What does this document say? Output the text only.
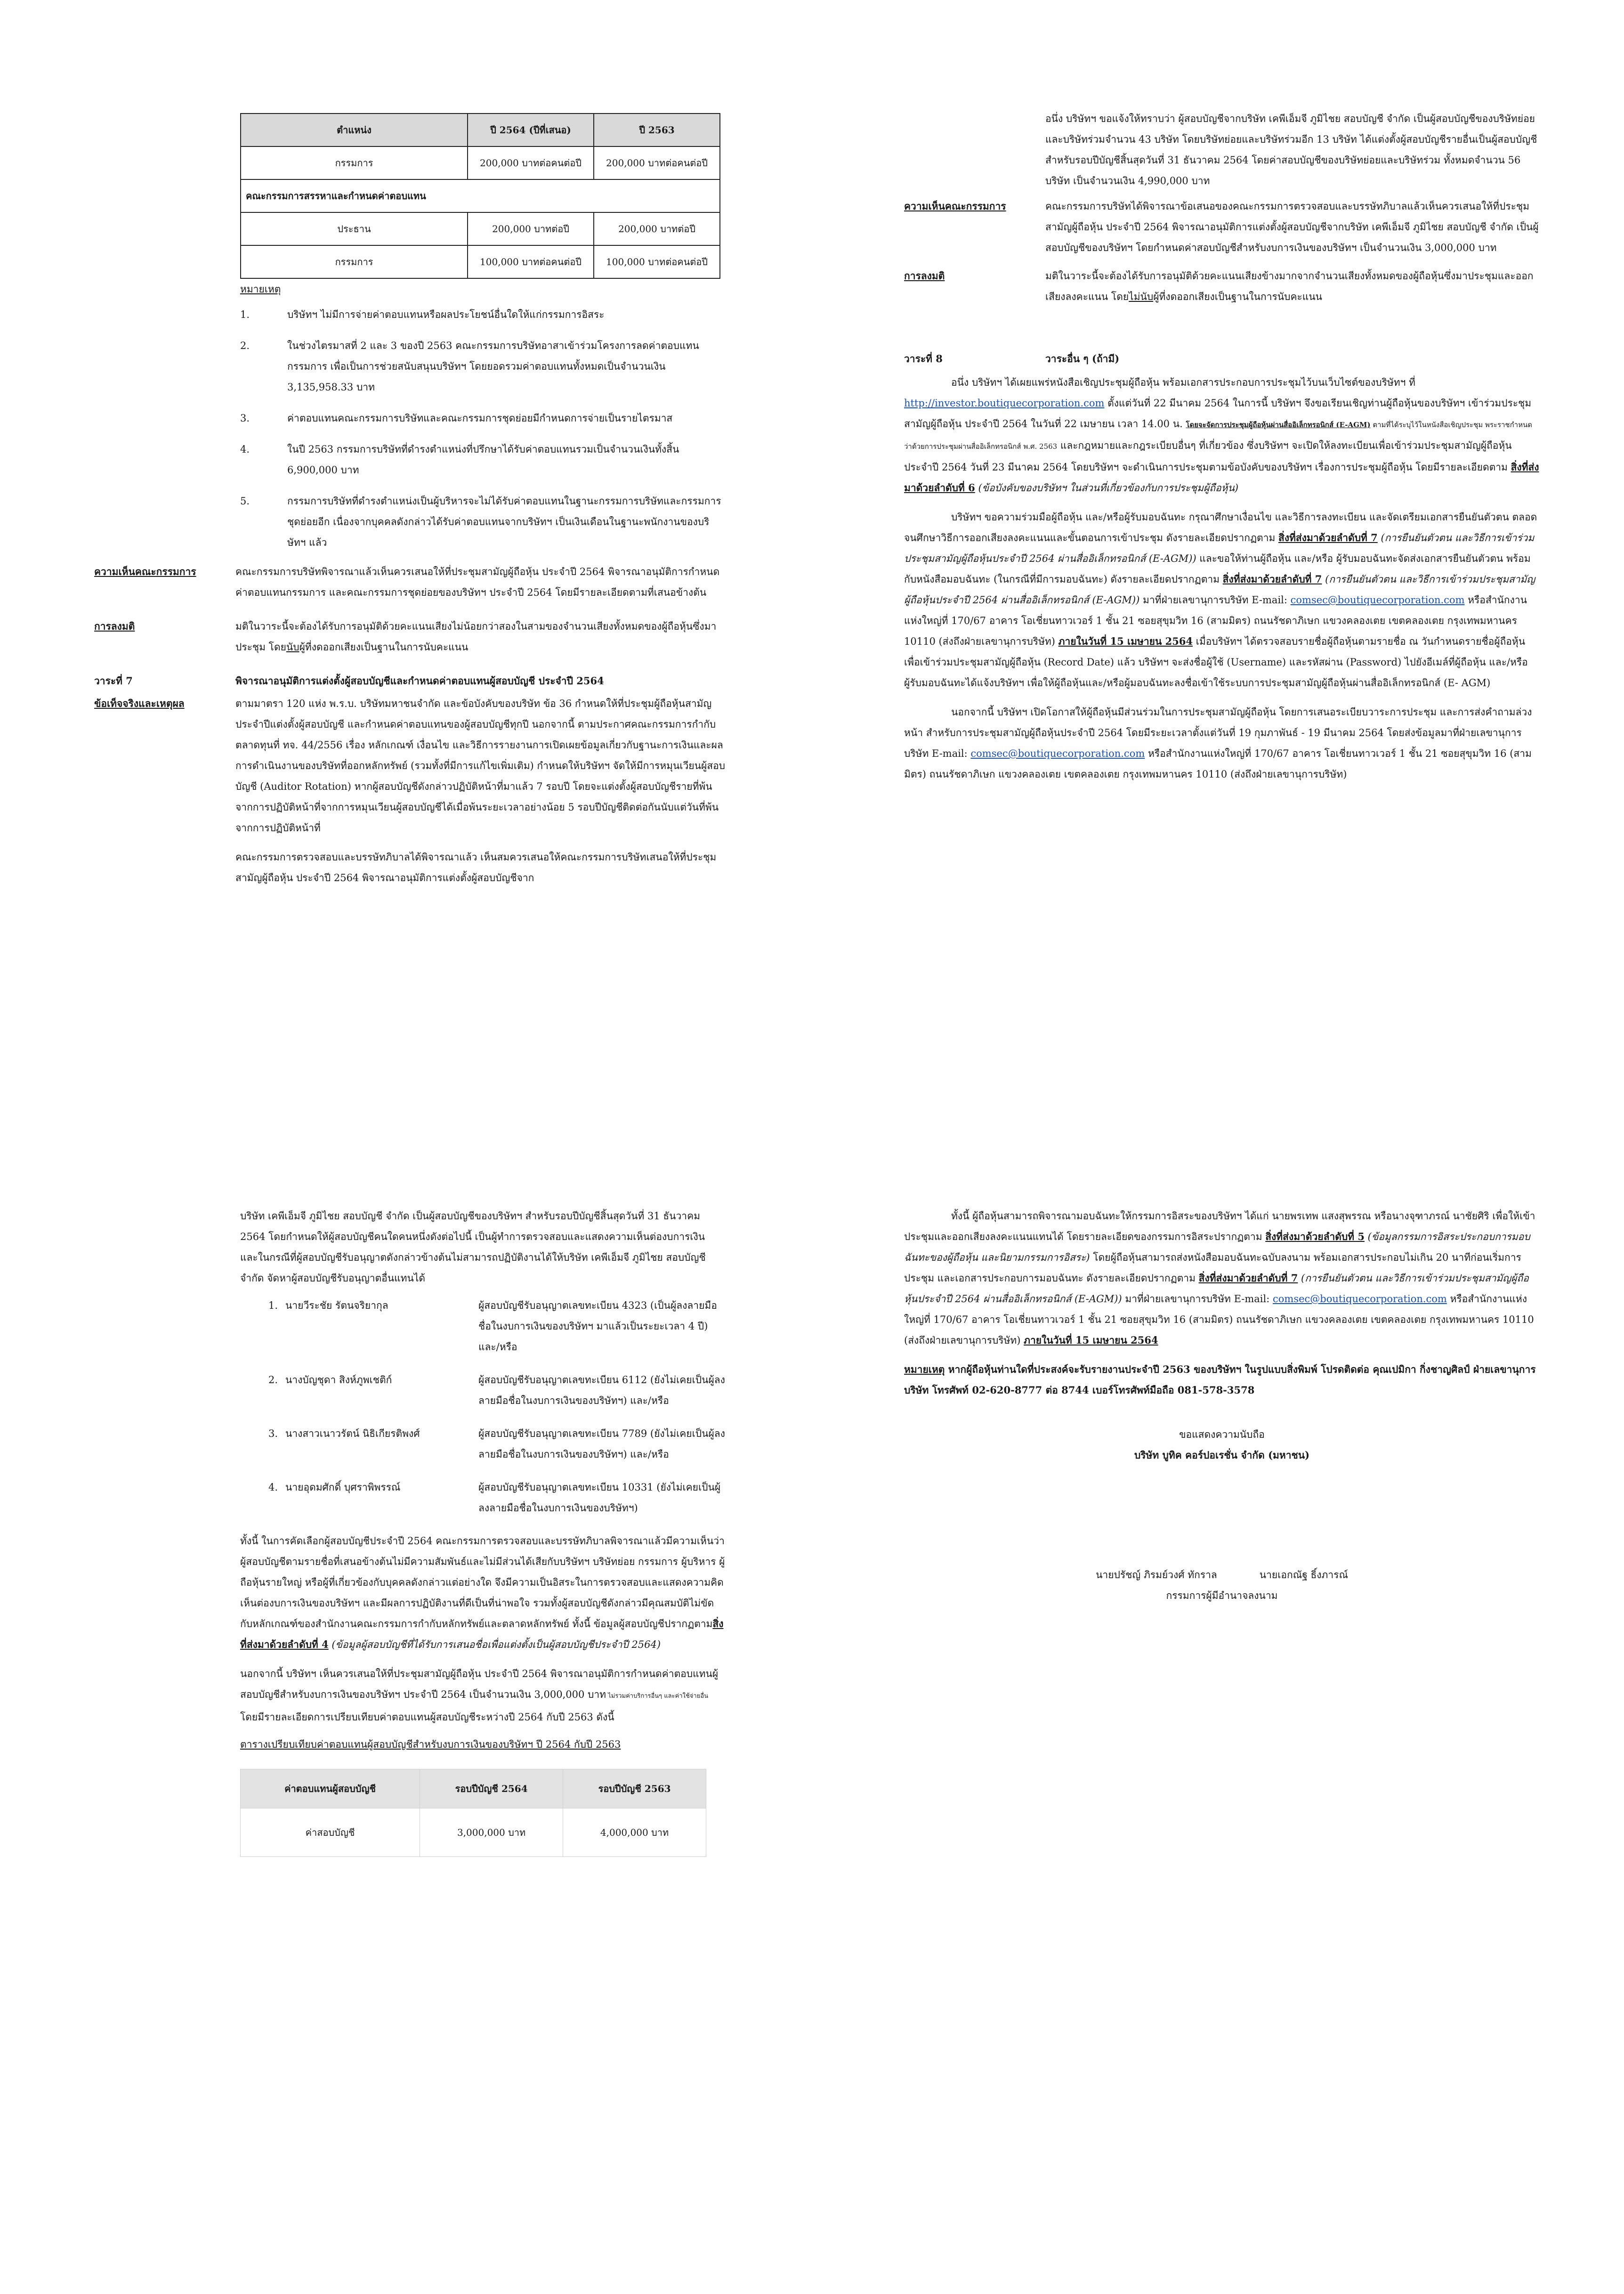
ตำแหน่ง	ปี 2564 (ปีที่เสนอ)	ปี 2563
กรรมการ	200,000 บาทต่อคนต่อปี	200,000 บาทต่อคนต่อปี
คณะกรรมการสรรหาและกำหนดค่าตอบแทน		
ประธาน	200,000 บาทต่อปี	200,000 บาทต่อปี
กรรมการ	100,000 บาทต่อคนต่อปี	100,000 บาทต่อคนต่อปี

หมายเหตุ

1.	บริษัทฯ ไม่มีการจ่ายค่าตอบแทนหรือผลประโยชน์อื่นใดให้แก่กรรมการอิสระ
2.	ในช่วงไตรมาสที่ 2 และ 3 ของปี 2563 คณะกรรมการบริษัทอาสาเข้าร่วมโครงการลดค่าตอบแทนกรรมการ เพื่อเป็นการช่วยสนับสนุนบริษัทฯ โดยยอดรวมค่าตอบแทนทั้งหมดเป็นจำนวนเงิน 3,135,958.33 บาท
3.	ค่าตอบแทนคณะกรรมการบริษัทและคณะกรรมการชุดย่อยมีกำหนดการจ่ายเป็นรายไตรมาส
4.	ในปี 2563 กรรมการบริษัทที่ดำรงตำแหน่งที่ปรึกษาได้รับค่าตอบแทนรวมเป็นจำนวนเงินทั้งสิ้น 6,900,000 บาท
5.	กรรมการบริษัทที่ดำรงตำแหน่งเป็นผู้บริหารจะไม่ได้รับค่าตอบแทนในฐานะกรรมการบริษัทและกรรมการชุดย่อยอีก เนื่องจากบุคคลดังกล่าวได้รับค่าตอบแทนจากบริษัทฯ เป็นเงินเดือนในฐานะพนักงานของบริษัทฯ แล้ว
ความเห็นคณะกรรมการ	คณะกรรมการบริษัทพิจารณาแล้วเห็นควรเสนอให้ที่ประชุมสามัญผู้ถือหุ้น ประจำปี 2564 พิจารณาอนุมัติการกำหนดค่าตอบแทนกรรมการ และคณะกรรมการชุดย่อยของบริษัทฯ ประจำปี 2564 โดยมีรายละเอียดตามที่เสนอข้างต้น

การลงมติ	มติในวาระนี้จะต้องได้รับการอนุมัติด้วยคะแนนเสียงไม่น้อยกว่าสองในสามของจำนวนเสียงทั้งหมดของผู้ถือหุ้นซึ่งมาประชุม โดยนับผู้ที่งดออกเสียงเป็นฐานในการนับคะแนน

วาระที่ 7	พิจารณาอนุมัติการแต่งตั้งผู้สอบบัญชีและกำหนดค่าตอบแทนผู้สอบบัญชี ประจำปี 2564

ข้อเท็จจริงและเหตุผล	ตามมาตรา 120 แห่ง พ.ร.บ. บริษัทมหาชนจำกัด และข้อบังคับของบริษัท ข้อ 36 กำหนดให้ที่ประชุมผู้ถือหุ้นสามัญประจำปีแต่งตั้งผู้สอบบัญชี และกำหนดค่าตอบแทนของผู้สอบบัญชีทุกปี นอกจากนี้ ตามประกาศคณะกรรมการกำกับตลาดทุนที่ ทจ. 44/2556 เรื่อง หลักเกณฑ์ เงื่อนไข และวิธีการรายงานการเปิดเผยข้อมูลเกี่ยวกับฐานะการเงินและผลการดำเนินงานของบริษัทที่ออกหลักทรัพย์ (รวมทั้งที่มีการแก้ไขเพิ่มเติม) กำหนดให้บริษัทฯ จัดให้มีการหมุนเวียนผู้สอบบัญชี (Auditor Rotation) หากผู้สอบบัญชีดังกล่าวปฏิบัติหน้าที่มาแล้ว 7 รอบปี โดยจะแต่งตั้งผู้สอบบัญชีรายที่พ้นจากการปฏิบัติหน้าที่จากการหมุนเวียนผู้สอบบัญชีได้เมื่อพ้นระยะเวลาอย่างน้อย 5 รอบปีบัญชีติดต่อกันนับแต่วันที่พ้นจากการปฏิบัติหน้าที่

คณะกรรมการตรวจสอบและบรรษัทภิบาลได้พิจารณาแล้ว เห็นสมควรเสนอให้คณะกรรมการบริษัทเสนอให้ที่ประชุมสามัญผู้ถือหุ้น ประจำปี 2564 พิจารณาอนุมัติการแต่งตั้งผู้สอบบัญชีจาก

อนึ่ง บริษัทฯ ขอแจ้งให้ทราบว่า ผู้สอบบัญชีจากบริษัท เคพีเอ็มจี ภูมิไชย สอบบัญชี จำกัด เป็นผู้สอบบัญชีของบริษัทย่อยและบริษัทร่วมจำนวน 43 บริษัท โดยบริษัทย่อยและบริษัทร่วมอีก 13 บริษัท ได้แต่งตั้งผู้สอบบัญชีรายอื่นเป็นผู้สอบบัญชี สำหรับรอบปีบัญชีสิ้นสุดวันที่ 31 ธันวาคม 2564 โดยค่าสอบบัญชีของบริษัทย่อยและบริษัทร่วม ทั้งหมดจำนวน 56 บริษัท เป็นจำนวนเงิน 4,990,000 บาท

ความเห็นคณะกรรมการ	คณะกรรมการบริษัทได้พิจารณาข้อเสนอของคณะกรรมการตรวจสอบและบรรษัทภิบาลแล้วเห็นควรเสนอให้ที่ประชุมสามัญผู้ถือหุ้น ประจำปี 2564 พิจารณาอนุมัติการแต่งตั้งผู้สอบบัญชีจากบริษัท เคพีเอ็มจี ภูมิไชย สอบบัญชี จำกัด เป็นผู้สอบบัญชีของบริษัทฯ โดยกำหนดค่าสอบบัญชีสำหรับงบการเงินของบริษัทฯ เป็นจำนวนเงิน 3,000,000 บาท

การลงมติ	มติในวาระนี้จะต้องได้รับการอนุมัติด้วยคะแนนเสียงข้างมากจากจำนวนเสียงทั้งหมดของผู้ถือหุ้นซึ่งมาประชุมและออกเสียงลงคะแนน โดยไม่นับผู้ที่งดออกเสียงเป็นฐานในการนับคะแนน

วาระที่ 8	วาระอื่น ๆ (ถ้ามี)

อนึ่ง บริษัทฯ ได้เผยแพร่หนังสือเชิญประชุมผู้ถือหุ้น พร้อมเอกสารประกอบการประชุมไว้บนเว็บไซต์ของบริษัทฯ ที่ http://investor.boutiquecorporation.com ตั้งแต่วันที่ 22 มีนาคม 2564 ในการนี้ บริษัทฯ จึงขอเรียนเชิญท่านผู้ถือหุ้นของบริษัทฯ เข้าร่วมประชุมสามัญผู้ถือหุ้น ประจำปี 2564 ในวันที่ 22 เมษายน เวลา 14.00 น. โดยจะจัดการประชุมผู้ถือหุ้นผ่านสื่ออิเล็กทรอนิกส์ (E-AGM) ตามที่ได้ระบุไว้ในหนังสือเชิญประชุม พระราชกำหนดว่าด้วยการประชุมผ่านสื่ออิเล็กทรอนิกส์ พ.ศ. 2563 และกฎหมายและกฎระเบียบอื่นๆ ที่เกี่ยวข้อง ซึ่งบริษัทฯ จะเปิดให้ลงทะเบียนเพื่อเข้าร่วมประชุมสามัญผู้ถือหุ้น ประจำปี 2564 วันที่ 23 มีนาคม 2564 โดยบริษัทฯ จะดำเนินการประชุมตามข้อบังคับของบริษัทฯ เรื่องการประชุมผู้ถือหุ้น โดยมีรายละเอียดตาม สิ่งที่ส่งมาด้วยลำดับที่ 6 (ข้อบังคับของบริษัทฯ ในส่วนที่เกี่ยวข้องกับการประชุมผู้ถือหุ้น)

บริษัทฯ ขอความร่วมมือผู้ถือหุ้น และ/หรือผู้รับมอบฉันทะ กรุณาศึกษาเงื่อนไข และวิธีการลงทะเบียน และจัดเตรียมเอกสารยืนยันตัวตน ตลอดจนศึกษาวิธีการออกเสียงลงคะแนนและขั้นตอนการเข้าประชุม ดังรายละเอียดปรากฏตาม สิ่งที่ส่งมาด้วยลำดับที่ 7 (การยืนยันตัวตน และวิธีการเข้าร่วมประชุมสามัญผู้ถือหุ้นประจำปี 2564 ผ่านสื่ออิเล็กทรอนิกส์ (E-AGM)) และขอให้ท่านผู้ถือหุ้น และ/หรือ ผู้รับมอบฉันทะจัดส่งเอกสารยืนยันตัวตน พร้อมกับหนังสือมอบฉันทะ (ในกรณีที่มีการมอบฉันทะ) ดังรายละเอียดปรากฏตาม สิ่งที่ส่งมาด้วยลำดับที่ 7 (การยืนยันตัวตน และวิธีการเข้าร่วมประชุมสามัญผู้ถือหุ้นประจำปี 2564 ผ่านสื่ออิเล็กทรอนิกส์ (E-AGM)) มาที่ฝ่ายเลขานุการบริษัท E-mail: comsec@boutiquecorporation.com หรือสำนักงานแห่งใหญ่ที่ 170/67 อาคาร โอเชี่ยนทาวเวอร์ 1 ชั้น 21 ซอยสุขุมวิท 16 (สามมิตร) ถนนรัชดาภิเษก แขวงคลองเตย เขตคลองเตย กรุงเทพมหานคร 10110 (ส่งถึงฝ่ายเลขานุการบริษัท) ภายในวันที่ 15 เมษายน 2564 เมื่อบริษัทฯ ได้ตรวจสอบรายชื่อผู้ถือหุ้นตามรายชื่อ ณ วันกำหนดรายชื่อผู้ถือหุ้นเพื่อเข้าร่วมประชุมสามัญผู้ถือหุ้น (Record Date) แล้ว บริษัทฯ จะส่งชื่อผู้ใช้ (Username) และรหัสผ่าน (Password) ไปยังอีเมล์ที่ผู้ถือหุ้น และ/หรือ ผู้รับมอบฉันทะได้แจ้งบริษัทฯ เพื่อให้ผู้ถือหุ้นและ/หรือผู้มอบฉันทะลงชื่อเข้าใช้ระบบการประชุมสามัญผู้ถือหุ้นผ่านสื่ออิเล็กทรอนิกส์ (E- AGM)

นอกจากนี้ บริษัทฯ เปิดโอกาสให้ผู้ถือหุ้นมีส่วนร่วมในการประชุมสามัญผู้ถือหุ้น โดยการเสนอระเบียบวาระการประชุม และการส่งคำถามล่วงหน้า สำหรับการประชุมสามัญผู้ถือหุ้นประจำปี 2564 โดยมีระยะเวลาตั้งแต่วันที่ 19 กุมภาพันธ์ - 19 มีนาคม 2564 โดยส่งข้อมูลมาที่ฝ่ายเลขานุการบริษัท E-mail: comsec@boutiquecorporation.com หรือสำนักงานแห่งใหญ่ที่ 170/67 อาคาร โอเชี่ยนทาวเวอร์ 1 ชั้น 21 ซอยสุขุมวิท 16 (สามมิตร) ถนนรัชดาภิเษก แขวงคลองเตย เขตคลองเตย กรุงเทพมหานคร 10110 (ส่งถึงฝ่ายเลขานุการบริษัท)

บริษัท เคพีเอ็มจี ภูมิไชย สอบบัญชี จำกัด เป็นผู้สอบบัญชีของบริษัทฯ สำหรับรอบปีบัญชีสิ้นสุดวันที่ 31 ธันวาคม 2564 โดยกำหนดให้ผู้สอบบัญชีคนใดคนหนึ่งดังต่อไปนี้ เป็นผู้ทำการตรวจสอบและแสดงความเห็นต่องบการเงิน และในกรณีที่ผู้สอบบัญชีรับอนุญาตดังกล่าวข้างต้นไม่สามารถปฏิบัติงานได้ให้บริษัท เคพีเอ็มจี ภูมิไชย สอบบัญชี จำกัด จัดหาผู้สอบบัญชีรับอนุญาตอื่นแทนได้

1. นายวีระชัย รัตนจริยากุล	ผู้สอบบัญชีรับอนุญาตเลขทะเบียน 4323 (เป็นผู้ลงลายมือชื่อในงบการเงินของบริษัทฯ มาแล้วเป็นระยะเวลา 4 ปี) และ/หรือ
2. นางบัญชุดา สิงห์ภูพเชติก์	ผู้สอบบัญชีรับอนุญาตเลขทะเบียน 6112 (ยังไม่เคยเป็นผู้ลงลายมือชื่อในงบการเงินของบริษัทฯ) และ/หรือ
3. นางสาวเนาวรัตน์ นิธิเกียรติพงศ์	ผู้สอบบัญชีรับอนุญาตเลขทะเบียน 7789 (ยังไม่เคยเป็นผู้ลงลายมือชื่อในงบการเงินของบริษัทฯ) และ/หรือ
4. นายอุดมศักดิ์ บุศราพิพรรณ์	ผู้สอบบัญชีรับอนุญาตเลขทะเบียน 10331 (ยังไม่เคยเป็นผู้ลงลายมือชื่อในงบการเงินของบริษัทฯ)

ทั้งนี้ ในการคัดเลือกผู้สอบบัญชีประจำปี 2564 คณะกรรมการตรวจสอบและบรรษัทภิบาลพิจารณาแล้วมีความเห็นว่า ผู้สอบบัญชีตามรายชื่อที่เสนอข้างต้นไม่มีความสัมพันธ์และไม่มีส่วนได้เสียกับบริษัทฯ บริษัทย่อย กรรมการ ผู้บริหาร ผู้ถือหุ้นรายใหญ่ หรือผู้ที่เกี่ยวข้องกับบุคคลดังกล่าวแต่อย่างใด จึงมีความเป็นอิสระในการตรวจสอบและแสดงความคิดเห็นต่องบการเงินของบริษัทฯ และมีผลการปฏิบัติงานที่ดีเป็นที่น่าพอใจ รวมทั้งผู้สอบบัญชีดังกล่าวมีคุณสมบัติไม่ขัดกับหลักเกณฑ์ของสำนักงานคณะกรรมการกำกับหลักทรัพย์และตลาดหลักทรัพย์ ทั้งนี้ ข้อมูลผู้สอบบัญชีปรากฏตามสิ่งที่ส่งมาด้วยลำดับที่ 4 (ข้อมูลผู้สอบบัญชีที่ได้รับการเสนอชื่อเพื่อแต่งตั้งเป็นผู้สอบบัญชีประจำปี 2564)

นอกจากนี้ บริษัทฯ เห็นควรเสนอให้ที่ประชุมสามัญผู้ถือหุ้น ประจำปี 2564 พิจารณาอนุมัติการกำหนดค่าตอบแทนผู้สอบบัญชีสำหรับงบการเงินของบริษัทฯ ประจำปี 2564 เป็นจำนวนเงิน 3,000,000 บาท ไม่รวมค่าบริการอื่นๆ และค่าใช้จ่ายอื่น โดยมีรายละเอียดการเปรียบเทียบค่าตอบแทนผู้สอบบัญชีระหว่างปี 2564 กับปี 2563 ดังนี้

ตารางเปรียบเทียบค่าตอบแทนผู้สอบบัญชีสำหรับงบการเงินของบริษัทฯ ปี 2564 กับปี 2563

ค่าตอบแทนผู้สอบบัญชี	รอบปีบัญชี 2564	รอบปีบัญชี 2563
ค่าสอบบัญชี	3,000,000 บาท	4,000,000 บาท

ทั้งนี้ ผู้ถือหุ้นสามารถพิจารณามอบฉันทะให้กรรมการอิสระของบริษัทฯ ได้แก่ นายพรเทพ แสงสุพรรณ หรือนางจุฑาภรณ์ นาชัยศิริ เพื่อให้เข้าประชุมและออกเสียงลงคะแนนแทนได้ โดยรายละเอียดของกรรมการอิสระปรากฏตาม สิ่งที่ส่งมาด้วยลำดับที่ 5 (ข้อมูลกรรมการอิสระประกอบการมอบฉันทะของผู้ถือหุ้น และนิยามกรรมการอิสระ) โดยผู้ถือหุ้นสามารถส่งหนังสือมอบฉันทะฉบับลงนาม พร้อมเอกสารประกอบไม่เกิน 20 นาทีก่อนเริ่มการประชุม และเอกสารประกอบการมอบฉันทะ ดังรายละเอียดปรากฏตาม สิ่งที่ส่งมาด้วยลำดับที่ 7 (การยืนยันตัวตน และวิธีการเข้าร่วมประชุมสามัญผู้ถือหุ้นประจำปี 2564 ผ่านสื่ออิเล็กทรอนิกส์ (E-AGM)) มาที่ฝ่ายเลขานุการบริษัท E-mail: comsec@boutiquecorporation.com หรือสำนักงานแห่งใหญ่ที่ 170/67 อาคาร โอเชี่ยนทาวเวอร์ 1 ชั้น 21 ซอยสุขุมวิท 16 (สามมิตร) ถนนรัชดาภิเษก แขวงคลองเตย เขตคลองเตย กรุงเทพมหานคร 10110 (ส่งถึงฝ่ายเลขานุการบริษัท) ภายในวันที่ 15 เมษายน 2564

หมายเหตุ หากผู้ถือหุ้นท่านใดที่ประสงค์จะรับรายงานประจำปี 2563 ของบริษัทฯ ในรูปแบบสิ่งพิมพ์ โปรดติดต่อ คุณเปมิกา กิ่งชาญศิลป์ ฝ่ายเลขานุการบริษัท โทรศัพท์ 02-620-8777 ต่อ 8744 เบอร์โทรศัพท์มือถือ 081-578-3578

ขอแสดงความนับถือ

บริษัท บูทิค คอร์ปอเรชั่น จำกัด (มหาชน)

นายปรัชญ์ ภิรมย์วงศ์ ทักราล	นายเอกณัฐ ธิ์งภารณ์

กรรมการผู้มีอำนาจลงนาม
